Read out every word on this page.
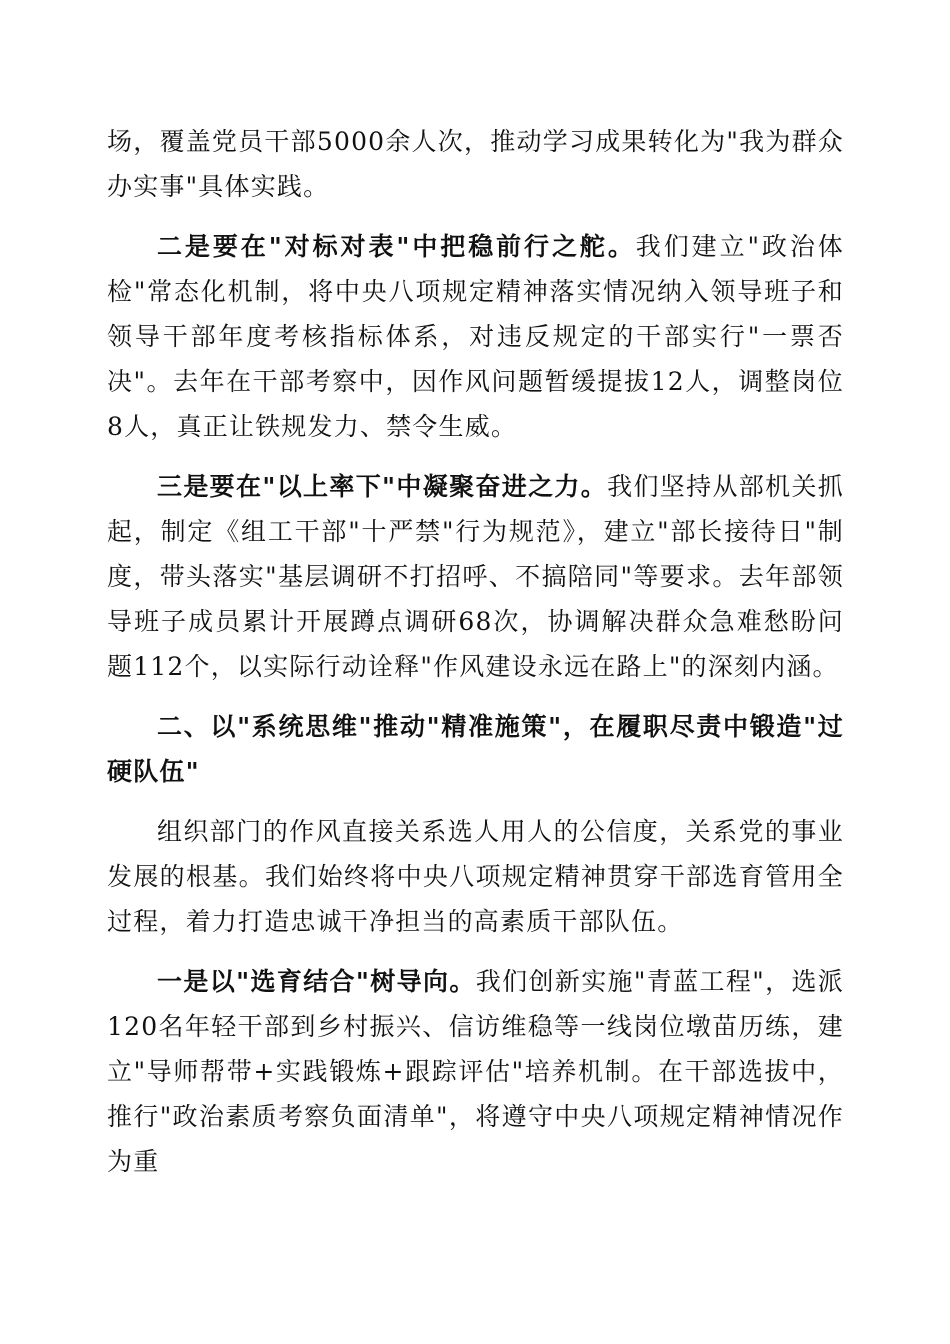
场，覆盖党员干部5000余人次，推动学习成果转化为"我为群众办实事"具体实践。

二是要在"对标对表"中把稳前行之舵。我们建立"政治体检"常态化机制，将中央八项规定精神落实情况纳入领导班子和领导干部年度考核指标体系，对违反规定的干部实行"一票否决"。去年在干部考察中，因作风问题暂缓提拔12人，调整岗位8人，真正让铁规发力、禁令生威。

三是要在"以上率下"中凝聚奋进之力。我们坚持从部机关抓起，制定《组工干部"十严禁"行为规范》，建立"部长接待日"制度，带头落实"基层调研不打招呼、不搞陪同"等要求。去年部领导班子成员累计开展蹲点调研68次，协调解决群众急难愁盼问题112个，以实际行动诠释"作风建设永远在路上"的深刻内涵。

二、以"系统思维"推动"精准施策"，在履职尽责中锻造"过硬队伍"

组织部门的作风直接关系选人用人的公信度，关系党的事业发展的根基。我们始终将中央八项规定精神贯穿干部选育管用全过程，着力打造忠诚干净担当的高素质干部队伍。

一是以"选育结合"树导向。我们创新实施"青蓝工程"，选派120名年轻干部到乡村振兴、信访维稳等一线岗位墩苗历练，建立"导师帮带+实践锻炼+跟踪评估"培养机制。在干部选拔中，推行"政治素质考察负面清单"，将遵守中央八项规定精神情况作为重
